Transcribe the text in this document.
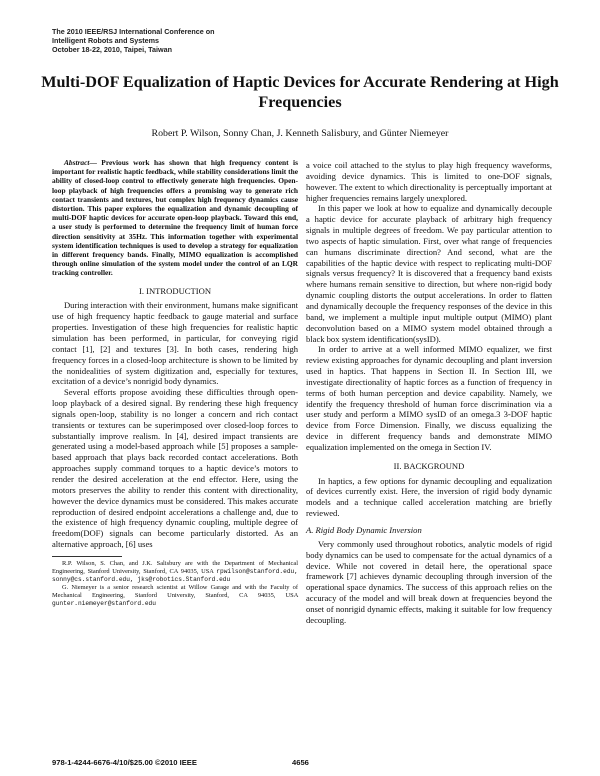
The 2010 IEEE/RSJ International Conference on
Intelligent Robots and Systems
October 18-22, 2010, Taipei, Taiwan
Multi-DOF Equalization of Haptic Devices for Accurate Rendering at High Frequencies
Robert P. Wilson, Sonny Chan, J. Kenneth Salisbury, and Günter Niemeyer

Abstract— Previous work has shown that high frequency content is important for realistic haptic feedback, while stability considerations limit the ability of closed-loop control to effectively generate high frequencies. Open-loop playback of high frequencies offers a promising way to generate rich contact transients and textures, but complex high frequency dynamics cause distortion. This paper explores the equalization and dynamic decoupling of multi-DOF haptic devices for accurate open-loop playback. Toward this end, a user study is performed to determine the frequency limit of human force direction sensitivity at 35Hz. This information together with experimental system identification techniques is used to develop a strategy for equalization in different frequency bands. Finally, MIMO equalization is accomplished through online simulation of the system model under the control of an LQR tracking controller.

I. INTRODUCTION

During interaction with their environment, humans make significant use of high frequency haptic feedback to gauge material and surface properties. Investigation of these high frequencies for realistic haptic simulation has been performed, in particular, for conveying rigid contact [1], [2] and textures [3]. In both cases, rendering high frequency forces in a closed-loop architecture is shown to be limited by the nonidealities of system digitization and, especially for textures, excitation of a device’s nonrigid body dynamics.

Several efforts propose avoiding these difficulties through open-loop playback of a desired signal. By rendering these high frequency signals open-loop, stability is no longer a concern and rich contact transients or textures can be superimposed over closed-loop forces to substantially improve realism. In [4], desired impact transients are generated using a model-based approach while [5] proposes a sample-based approach that plays back recorded contact accelerations. Both approaches supply command torques to a haptic device’s motors to render the desired acceleration at the end effector. Here, using the motors preserves the ability to render this content with directionality, however the device dynamics must be considered. This makes accurate reproduction of desired endpoint accelerations a challenge and, due to the existence of high frequency dynamic coupling, multiple degree of freedom(DOF) signals can become particularly distorted. As an alternative approach, [6] uses

R.P. Wilson, S. Chan, and J.K. Salisbury are with the Department of Mechanical Engineering, Stanford University, Stanford, CA 94035, USA rpwilson@stanford.edu, sonny@cs.stanford.edu, jks@robotics.Stanford.edu

G. Niemeyer is a senior research scientist at Willow Garage and with the Faculty of Mechanical Engineering, Stanford University, Stanford, CA 94035, USA gunter.niemeyer@stanford.edu

a voice coil attached to the stylus to play high frequency waveforms, avoiding device dynamics. This is limited to one-DOF signals, however. The extent to which directionality is perceptually important at higher frequencies remains largely unexplored.

In this paper we look at how to equalize and dynamically decouple a haptic device for accurate playback of arbitrary high frequency signals in multiple degrees of freedom. We pay particular attention to two aspects of haptic simulation. First, over what range of frequencies can humans discriminate direction? And second, what are the capabilities of the haptic device with respect to replicating multi-DOF signals versus frequency? It is discovered that a frequency band exists where humans remain sensitive to direction, but where non-rigid body dynamic coupling distorts the output accelerations. In order to flatten and dynamically decouple the frequency responses of the device in this band, we implement a multiple input multiple output (MIMO) plant deconvolution based on a MIMO system model obtained through a black box system identification(sysID).

In order to arrive at a well informed MIMO equalizer, we first review existing approaches for dynamic decoupling and plant inversion used in haptics. That happens in Section II. In Section III, we investigate directionality of haptic forces as a function of frequency in terms of both human perception and device capability. Namely, we identify the frequency threshold of human force discrimination via a user study and perform a MIMO sysID of an omega.3 3-DOF haptic device from Force Dimension. Finally, we discuss equalizing the device in different frequency bands and demonstrate MIMO equalization implemented on the omega in Section IV.

II. BACKGROUND

In haptics, a few options for dynamic decoupling and equalization of devices currently exist. Here, the inversion of rigid body dynamic models and a technique called acceleration matching are briefly reviewed.

A. Rigid Body Dynamic Inversion

Very commonly used throughout robotics, analytic models of rigid body dynamics can be used to compensate for the actual dynamics of a device. While not covered in detail here, the operational space framework [7] achieves dynamic decoupling through inversion of the operational space dynamics. The success of this approach relies on the accuracy of the model and will break down at frequencies beyond the onset of nonrigid dynamic effects, making it suitable for low frequency decoupling.

978-1-4244-6676-4/10/$25.00 ©2010 IEEE	4656
